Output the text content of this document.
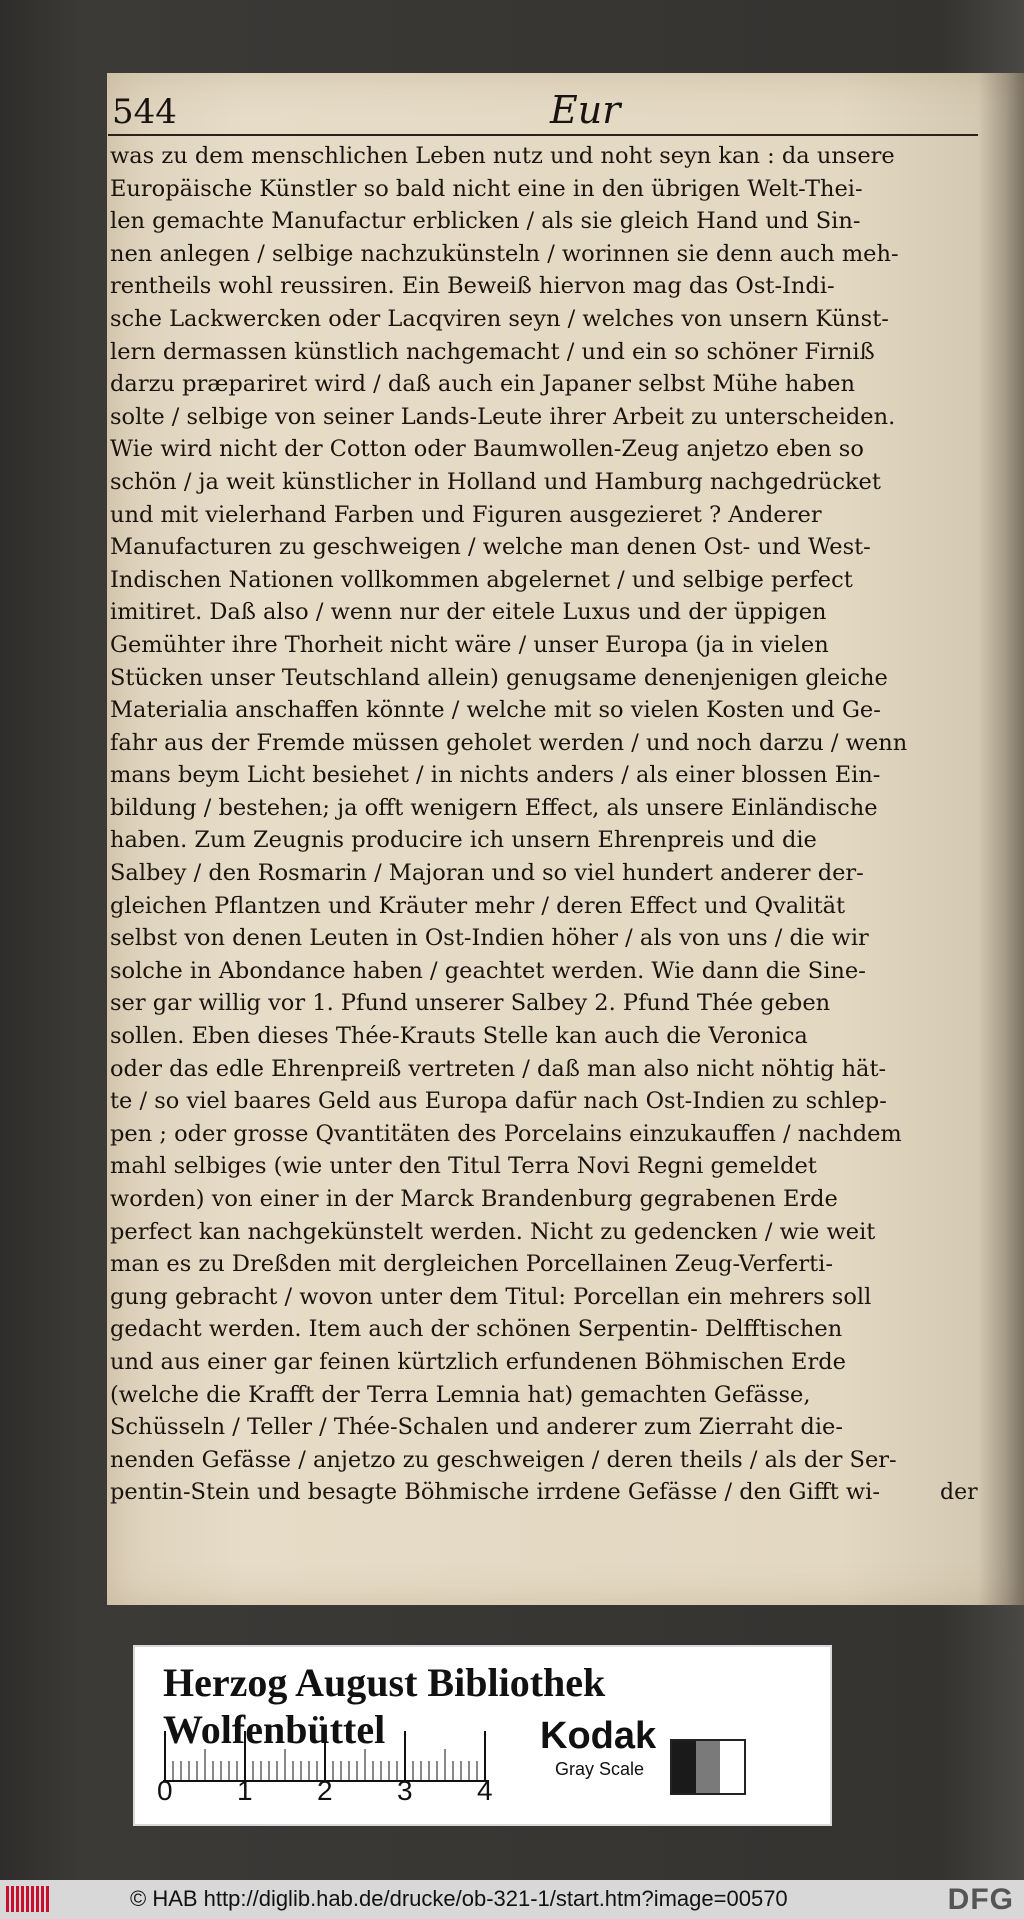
544	Eur
was zu dem menschlichen Leben nutz und noht seyn kan : da unsere
Europäische Künstler so bald nicht eine in den übrigen Welt-Thei-
len gemachte Manufactur erblicken / als sie gleich Hand und Sin-
nen anlegen / selbige nachzukünsteln / worinnen sie denn auch meh-
rentheils wohl reussiren. Ein Beweiß hiervon mag das Ost-Indi-
sche Lackwercken oder Lacqviren seyn / welches von unsern Künst-
lern dermassen künstlich nachgemacht / und ein so schöner Firniß
darzu præpariret wird / daß auch ein Japaner selbst Mühe haben
solte / selbige von seiner Lands-Leute ihrer Arbeit zu unterscheiden.
Wie wird nicht der Cotton oder Baumwollen-Zeug anjetzo eben so
schön / ja weit künstlicher in Holland und Hamburg nachgedrücket
und mit vielerhand Farben und Figuren ausgezieret ? Anderer
Manufacturen zu geschweigen / welche man denen Ost- und West-
Indischen Nationen vollkommen abgelernet / und selbige perfect
imitiret. Daß also / wenn nur der eitele Luxus und der üppigen
Gemühter ihre Thorheit nicht wäre / unser Europa (ja in vielen
Stücken unser Teutschland allein) genugsame denenjenigen gleiche
Materialia anschaffen könnte / welche mit so vielen Kosten und Ge-
fahr aus der Fremde müssen geholet werden / und noch darzu / wenn
mans beym Licht besiehet / in nichts anders / als einer blossen Ein-
bildung / bestehen; ja offt wenigern Effect, als unsere Einländische
haben. Zum Zeugnis producire ich unsern Ehrenpreis und die
Salbey / den Rosmarin / Majoran und so viel hundert anderer der-
gleichen Pflantzen und Kräuter mehr / deren Effect und Qvalität
selbst von denen Leuten in Ost-Indien höher / als von uns / die wir
solche in Abondance haben / geachtet werden. Wie dann die Sine-
ser gar willig vor 1. Pfund unserer Salbey 2. Pfund Thée geben
sollen. Eben dieses Thée-Krauts Stelle kan auch die Veronica
oder das edle Ehrenpreiß vertreten / daß man also nicht nöhtig hät-
te / so viel baares Geld aus Europa dafür nach Ost-Indien zu schlep-
pen ; oder grosse Qvantitäten des Porcelains einzukauffen / nachdem
mahl selbiges (wie unter den Titul Terra Novi Regni gemeldet
worden) von einer in der Marck Brandenburg gegrabenen Erde
perfect kan nachgekünstelt werden. Nicht zu gedencken / wie weit
man es zu Dreßden mit dergleichen Porcellainen Zeug-Verferti-
gung gebracht / wovon unter dem Titul: Porcellan ein mehrers soll
gedacht werden. Item auch der schönen Serpentin- Delfftischen
und aus einer gar feinen kürtzlich erfundenen Böhmischen Erde
(welche die Krafft der Terra Lemnia hat) gemachten Gefässe,
Schüsseln / Teller / Thée-Schalen und anderer zum Zierraht die-
nenden Gefässe / anjetzo zu geschweigen / deren theils / als der Ser-
pentin-Stein und besagte Böhmische irrdene Gefässe / den Gifft wi-	der
Herzog August Bibliothek Wolfenbüttel
0 1 2 3 4
Kodak
Gray Scale
© HAB http://diglib.hab.de/drucke/ob-321-1/start.htm?image=00570	DFG
